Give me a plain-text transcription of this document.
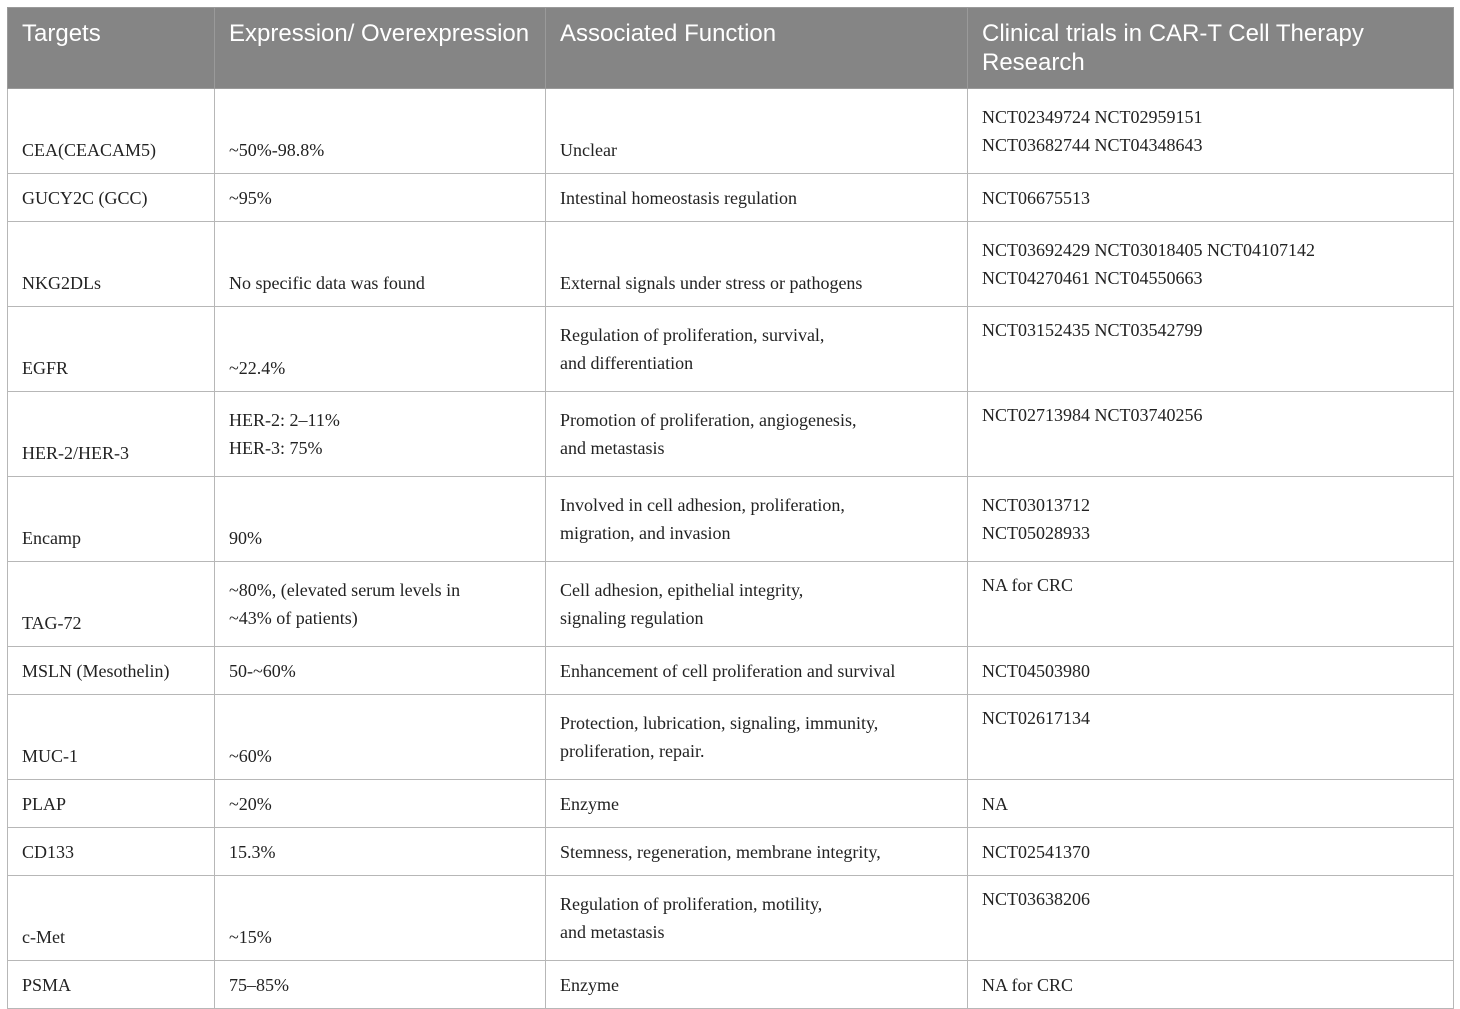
Targets	Expression/ Overexpression	Associated Function	Clinical trials in CAR-T Cell Therapy Research

CEA(CEACAM5)	~50%-98.8%	Unclear	NCT02349724 NCT02959151
NCT03682744 NCT04348643

GUCY2C (GCC)	~95%	Intestinal homeostasis regulation	NCT06675513

NKG2DLs	No specific data was found	External signals under stress or pathogens	NCT03692429 NCT03018405 NCT04107142
NCT04270461 NCT04550663

EGFR	~22.4%	Regulation of proliferation, survival,
and differentiation	NCT03152435 NCT03542799

HER-2/HER-3	HER-2: 2–11%
HER-3: 75%	Promotion of proliferation, angiogenesis,
and metastasis	NCT02713984 NCT03740256

Encamp	90%	Involved in cell adhesion, proliferation,
migration, and invasion	NCT03013712
NCT05028933

TAG-72	~80%, (elevated serum levels in
~43% of patients)	Cell adhesion, epithelial integrity,
signaling regulation	NA for CRC

MSLN (Mesothelin)	50-~60%	Enhancement of cell proliferation and survival	NCT04503980

MUC-1	~60%	Protection, lubrication, signaling, immunity,
proliferation, repair.	NCT02617134

PLAP	~20%	Enzyme	NA

CD133	15.3%	Stemness, regeneration, membrane integrity,	NCT02541370

c-Met	~15%	Regulation of proliferation, motility,
and metastasis	NCT03638206

PSMA	75–85%	Enzyme	NA for CRC
